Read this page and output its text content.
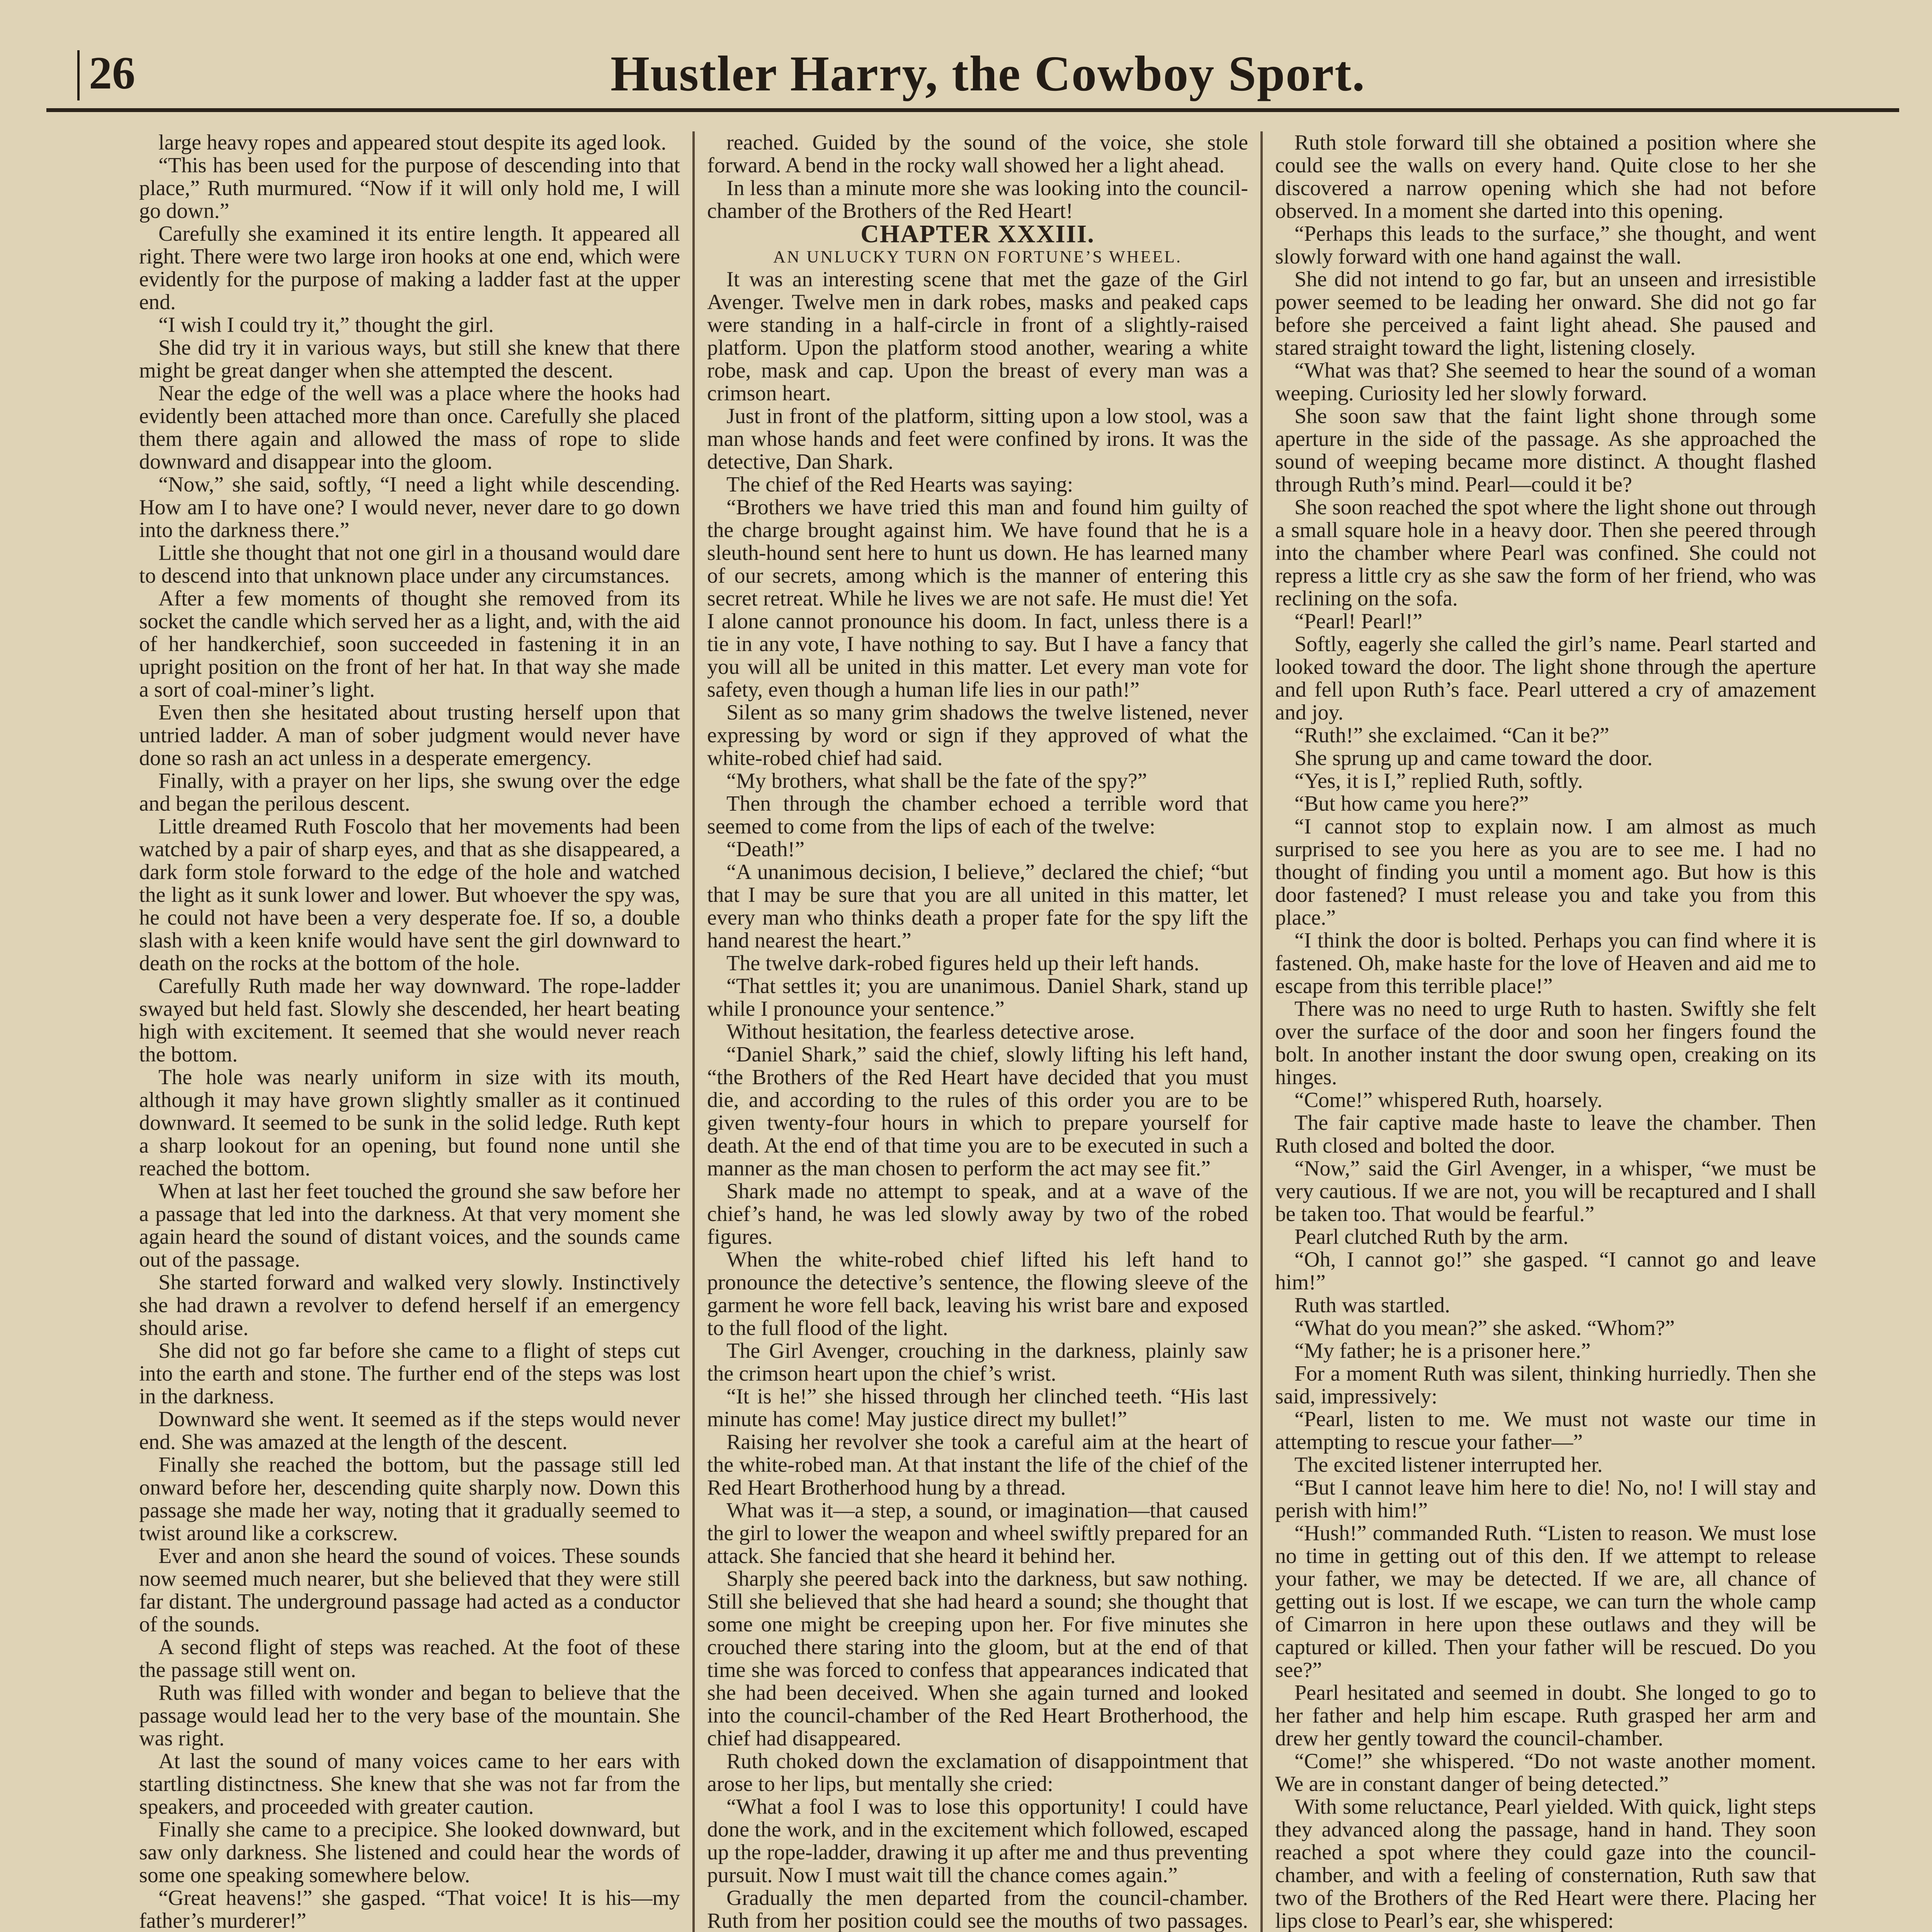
26	Hustler Harry, the Cowboy Sport.

large heavy ropes and appeared stout despite its aged look.

“This has been used for the purpose of descending into that place,” Ruth murmured. “Now if it will only hold me, I will go down.”

Carefully she examined it its entire length. It appeared all right. There were two large iron hooks at one end, which were evidently for the purpose of making a ladder fast at the upper end.

“I wish I could try it,” thought the girl.

She did try it in various ways, but still she knew that there might be great danger when she attempted the descent.

Near the edge of the well was a place where the hooks had evidently been attached more than once. Carefully she placed them there again and allowed the mass of rope to slide downward and disappear into the gloom.

“Now,” she said, softly, “I need a light while descending. How am I to have one? I would never, never dare to go down into the darkness there.”

Little she thought that not one girl in a thousand would dare to descend into that unknown place under any circumstances.

After a few moments of thought she removed from its socket the candle which served her as a light, and, with the aid of her handkerchief, soon succeeded in fastening it in an upright position on the front of her hat. In that way she made a sort of coal-miner’s light.

Even then she hesitated about trusting herself upon that untried ladder. A man of sober judgment would never have done so rash an act unless in a desperate emergency.

Finally, with a prayer on her lips, she swung over the edge and began the perilous descent.

Little dreamed Ruth Foscolo that her movements had been watched by a pair of sharp eyes, and that as she disappeared, a dark form stole forward to the edge of the hole and watched the light as it sunk lower and lower. But whoever the spy was, he could not have been a very desperate foe. If so, a double slash with a keen knife would have sent the girl downward to death on the rocks at the bottom of the hole.

Carefully Ruth made her way downward. The rope-ladder swayed but held fast. Slowly she descended, her heart beating high with excitement. It seemed that she would never reach the bottom.

The hole was nearly uniform in size with its mouth, although it may have grown slightly smaller as it continued downward. It seemed to be sunk in the solid ledge. Ruth kept a sharp lookout for an opening, but found none until she reached the bottom.

When at last her feet touched the ground she saw before her a passage that led into the darkness. At that very moment she again heard the sound of distant voices, and the sounds came out of the passage.

She started forward and walked very slowly. Instinctively she had drawn a revolver to defend herself if an emergency should arise.

She did not go far before she came to a flight of steps cut into the earth and stone. The further end of the steps was lost in the darkness.

Downward she went. It seemed as if the steps would never end. She was amazed at the length of the descent.

Finally she reached the bottom, but the passage still led onward before her, descending quite sharply now. Down this passage she made her way, noting that it gradually seemed to twist around like a corkscrew.

Ever and anon she heard the sound of voices. These sounds now seemed much nearer, but she believed that they were still far distant. The underground passage had acted as a conductor of the sounds.

A second flight of steps was reached. At the foot of these the passage still went on.

Ruth was filled with wonder and began to believe that the passage would lead her to the very base of the mountain. She was right.

At last the sound of many voices came to her ears with startling distinctness. She knew that she was not far from the speakers, and proceeded with greater caution.

Finally she came to a precipice. She looked downward, but saw only darkness. She listened and could hear the words of some one speaking somewhere below.

“Great heavens!” she gasped. “That voice! It is his—my father’s murderer!”

reached. Guided by the sound of the voice, she stole forward. A bend in the rocky wall showed her a light ahead.

In less than a minute more she was looking into the council-chamber of the Brothers of the Red Heart!

CHAPTER XXXIII.

AN UNLUCKY TURN ON FORTUNE’S WHEEL.

It was an interesting scene that met the gaze of the Girl Avenger. Twelve men in dark robes, masks and peaked caps were standing in a half-circle in front of a slightly-raised platform. Upon the platform stood another, wearing a white robe, mask and cap. Upon the breast of every man was a crimson heart.

Just in front of the platform, sitting upon a low stool, was a man whose hands and feet were confined by irons. It was the detective, Dan Shark.

The chief of the Red Hearts was saying:

“Brothers we have tried this man and found him guilty of the charge brought against him. We have found that he is a sleuth-hound sent here to hunt us down. He has learned many of our secrets, among which is the manner of entering this secret retreat. While he lives we are not safe. He must die! Yet I alone cannot pronounce his doom. In fact, unless there is a tie in any vote, I have nothing to say. But I have a fancy that you will all be united in this matter. Let every man vote for safety, even though a human life lies in our path!”

Silent as so many grim shadows the twelve listened, never expressing by word or sign if they approved of what the white-robed chief had said.

“My brothers, what shall be the fate of the spy?”

Then through the chamber echoed a terrible word that seemed to come from the lips of each of the twelve:

“Death!”

“A unanimous decision, I believe,” declared the chief; “but that I may be sure that you are all united in this matter, let every man who thinks death a proper fate for the spy lift the hand nearest the heart.”

The twelve dark-robed figures held up their left hands.

“That settles it; you are unanimous. Daniel Shark, stand up while I pronounce your sentence.”

Without hesitation, the fearless detective arose.

“Daniel Shark,” said the chief, slowly lifting his left hand, “the Brothers of the Red Heart have decided that you must die, and according to the rules of this order you are to be given twenty-four hours in which to prepare yourself for death. At the end of that time you are to be executed in such a manner as the man chosen to perform the act may see fit.”

Shark made no attempt to speak, and at a wave of the chief’s hand, he was led slowly away by two of the robed figures.

When the white-robed chief lifted his left hand to pronounce the detective’s sentence, the flowing sleeve of the garment he wore fell back, leaving his wrist bare and exposed to the full flood of the light.

The Girl Avenger, crouching in the darkness, plainly saw the crimson heart upon the chief’s wrist.

“It is he!” she hissed through her clinched teeth. “His last minute has come! May justice direct my bullet!”

Raising her revolver she took a careful aim at the heart of the white-robed man. At that instant the life of the chief of the Red Heart Brotherhood hung by a thread.

What was it—a step, a sound, or imagination—that caused the girl to lower the weapon and wheel swiftly prepared for an attack. She fancied that she heard it behind her.

Sharply she peered back into the darkness, but saw nothing. Still she believed that she had heard a sound; she thought that some one might be creeping upon her. For five minutes she crouched there staring into the gloom, but at the end of that time she was forced to confess that appearances indicated that she had been deceived. When she again turned and looked into the council-chamber of the Red Heart Brotherhood, the chief had disappeared.

Ruth choked down the exclamation of disappointment that arose to her lips, but mentally she cried:

“What a fool I was to lose this opportunity! I could have done the work, and in the excitement which followed, escaped up the rope-ladder, drawing it up after me and thus preventing pursuit. Now I must wait till the chance comes again.”

Gradually the men departed from the council-chamber. Ruth from her position could see the mouths of two passages.

Ruth stole forward till she obtained a position where she could see the walls on every hand. Quite close to her she discovered a narrow opening which she had not before observed. In a moment she darted into this opening.

“Perhaps this leads to the surface,” she thought, and went slowly forward with one hand against the wall.

She did not intend to go far, but an unseen and irresistible power seemed to be leading her onward. She did not go far before she perceived a faint light ahead. She paused and stared straight toward the light, listening closely.

“What was that? She seemed to hear the sound of a woman weeping. Curiosity led her slowly forward.

She soon saw that the faint light shone through some aperture in the side of the passage. As she approached the sound of weeping became more distinct. A thought flashed through Ruth’s mind. Pearl—could it be?

She soon reached the spot where the light shone out through a small square hole in a heavy door. Then she peered through into the chamber where Pearl was confined. She could not repress a little cry as she saw the form of her friend, who was reclining on the sofa.

“Pearl! Pearl!”

Softly, eagerly she called the girl’s name. Pearl started and looked toward the door. The light shone through the aperture and fell upon Ruth’s face. Pearl uttered a cry of amazement and joy.

“Ruth!” she exclaimed. “Can it be?”

She sprung up and came toward the door.

“Yes, it is I,” replied Ruth, softly.

“But how came you here?”

“I cannot stop to explain now. I am almost as much surprised to see you here as you are to see me. I had no thought of finding you until a moment ago. But how is this door fastened? I must release you and take you from this place.”

“I think the door is bolted. Perhaps you can find where it is fastened. Oh, make haste for the love of Heaven and aid me to escape from this terrible place!”

There was no need to urge Ruth to hasten. Swiftly she felt over the surface of the door and soon her fingers found the bolt. In another instant the door swung open, creaking on its hinges.

“Come!” whispered Ruth, hoarsely.

The fair captive made haste to leave the chamber. Then Ruth closed and bolted the door.

“Now,” said the Girl Avenger, in a whisper, “we must be very cautious. If we are not, you will be recaptured and I shall be taken too. That would be fearful.”

Pearl clutched Ruth by the arm.

“Oh, I cannot go!” she gasped. “I cannot go and leave him!”

Ruth was startled.

“What do you mean?” she asked. “Whom?”

“My father; he is a prisoner here.”

For a moment Ruth was silent, thinking hurriedly. Then she said, impressively:

“Pearl, listen to me. We must not waste our time in attempting to rescue your father—”

The excited listener interrupted her.

“But I cannot leave him here to die! No, no! I will stay and perish with him!”

“Hush!” commanded Ruth. “Listen to reason. We must lose no time in getting out of this den. If we attempt to release your father, we may be detected. If we are, all chance of getting out is lost. If we escape, we can turn the whole camp of Cimarron in here upon these outlaws and they will be captured or killed. Then your father will be rescued. Do you see?”

Pearl hesitated and seemed in doubt. She longed to go to her father and help him escape. Ruth grasped her arm and drew her gently toward the council-chamber.

“Come!” she whispered. “Do not waste another moment. We are in constant danger of being detected.”

With some reluctance, Pearl yielded. With quick, light steps they advanced along the passage, hand in hand. They soon reached a spot where they could gaze into the council-chamber, and with a feeling of consternation, Ruth saw that two of the Brothers of the Red Heart were there. Placing her lips close to Pearl’s ear, she whispered:
